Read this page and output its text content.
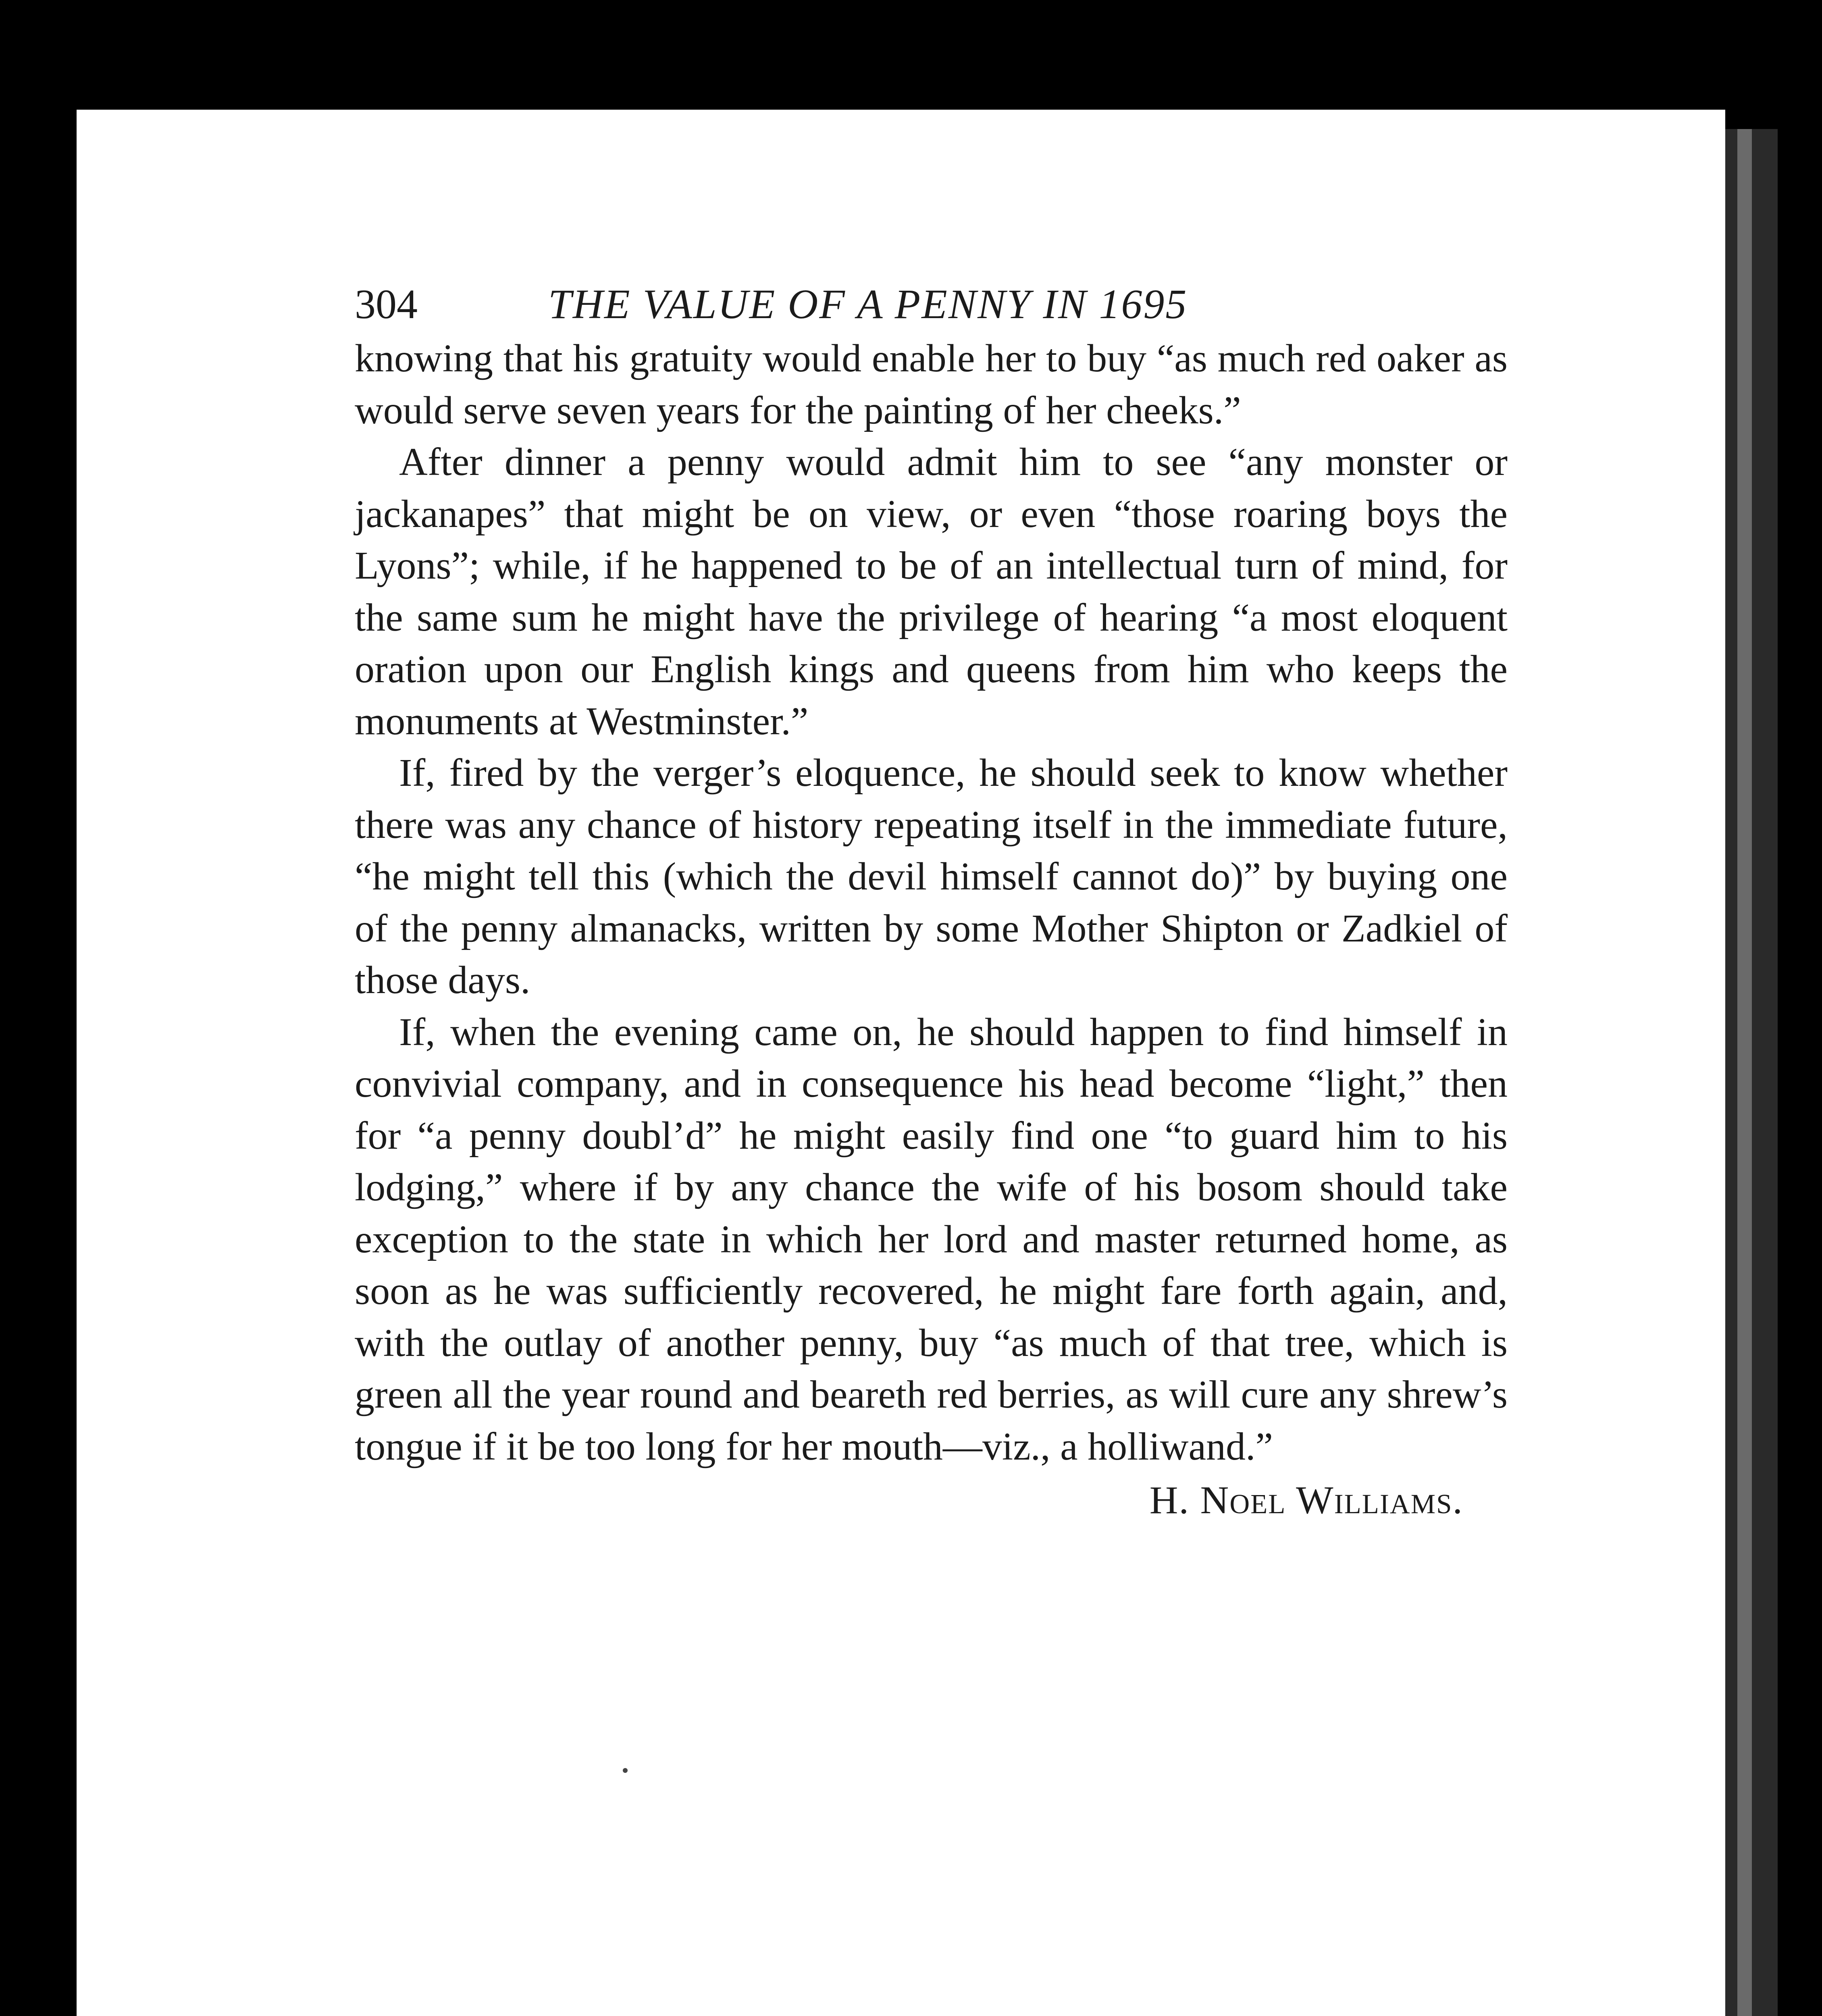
304	THE VALUE OF A PENNY IN 1695

knowing that his gratuity would enable her to buy “as much red oaker as would serve seven years for the painting of her cheeks.”

After dinner a penny would admit him to see “any monster or jackanapes” that might be on view, or even “those roaring boys the Lyons”; while, if he happened to be of an intellectual turn of mind, for the same sum he might have the privilege of hearing “a most eloquent oration upon our English kings and queens from him who keeps the monuments at Westminster.”

If, fired by the verger’s eloquence, he should seek to know whether there was any chance of history repeating itself in the immediate future, “he might tell this (which the devil himself cannot do)” by buying one of the penny almanacks, written by some Mother Shipton or Zadkiel of those days.

If, when the evening came on, he should happen to find himself in convivial company, and in consequence his head become “light,” then for “a penny doubl’d” he might easily find one “to guard him to his lodging,” where if by any chance the wife of his bosom should take exception to the state in which her lord and master returned home, as soon as he was sufficiently recovered, he might fare forth again, and, with the outlay of another penny, buy “as much of that tree, which is green all the year round and beareth red berries, as will cure any shrew’s tongue if it be too long for her mouth—viz., a holliwand.”

H. Noel Williams.
